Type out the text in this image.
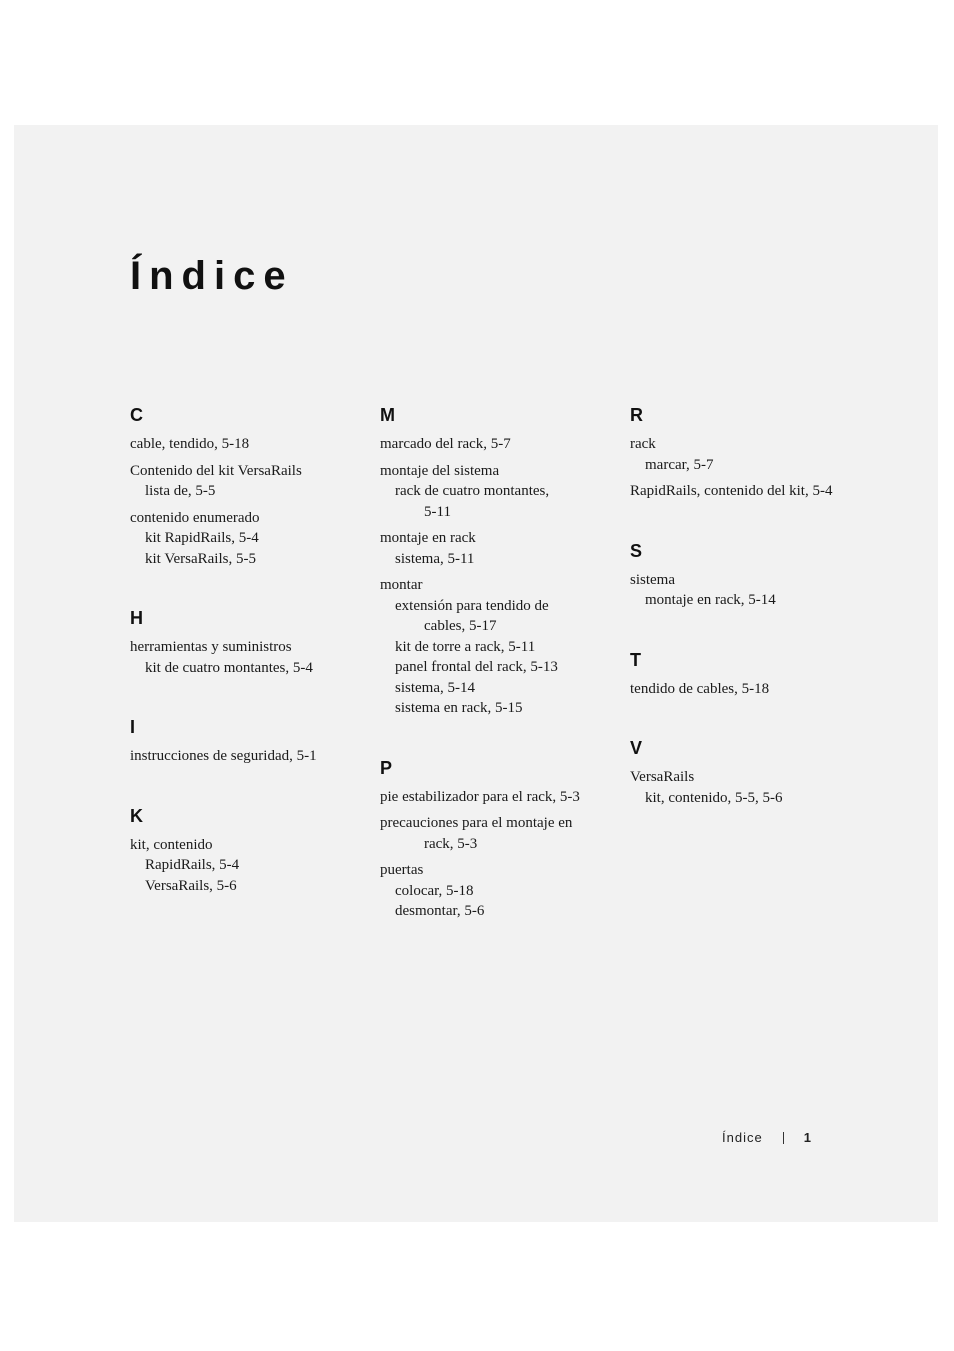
Índice
C
cable, tendido, 5-18
Contenido del kit VersaRails
lista de, 5-5
contenido enumerado
kit RapidRails, 5-4
kit VersaRails, 5-5
H
herramientas y suministros
kit de cuatro montantes, 5-4
I
instrucciones de seguridad, 5-1
K
kit, contenido
RapidRails, 5-4
VersaRails, 5-6
M
marcado del rack, 5-7
montaje del sistema
rack de cuatro montantes,
5-11
montaje en rack
sistema, 5-11
montar
extensión para tendido de
cables, 5-17
kit de torre a rack, 5-11
panel frontal del rack, 5-13
sistema, 5-14
sistema en rack, 5-15
P
pie estabilizador para el rack, 5-3
precauciones para el montaje en
rack, 5-3
puertas
colocar, 5-18
desmontar, 5-6
R
rack
marcar, 5-7
RapidRails, contenido del kit, 5-4
S
sistema
montaje en rack, 5-14
T
tendido de cables, 5-18
V
VersaRails
kit, contenido, 5-5, 5-6
Índice	1
